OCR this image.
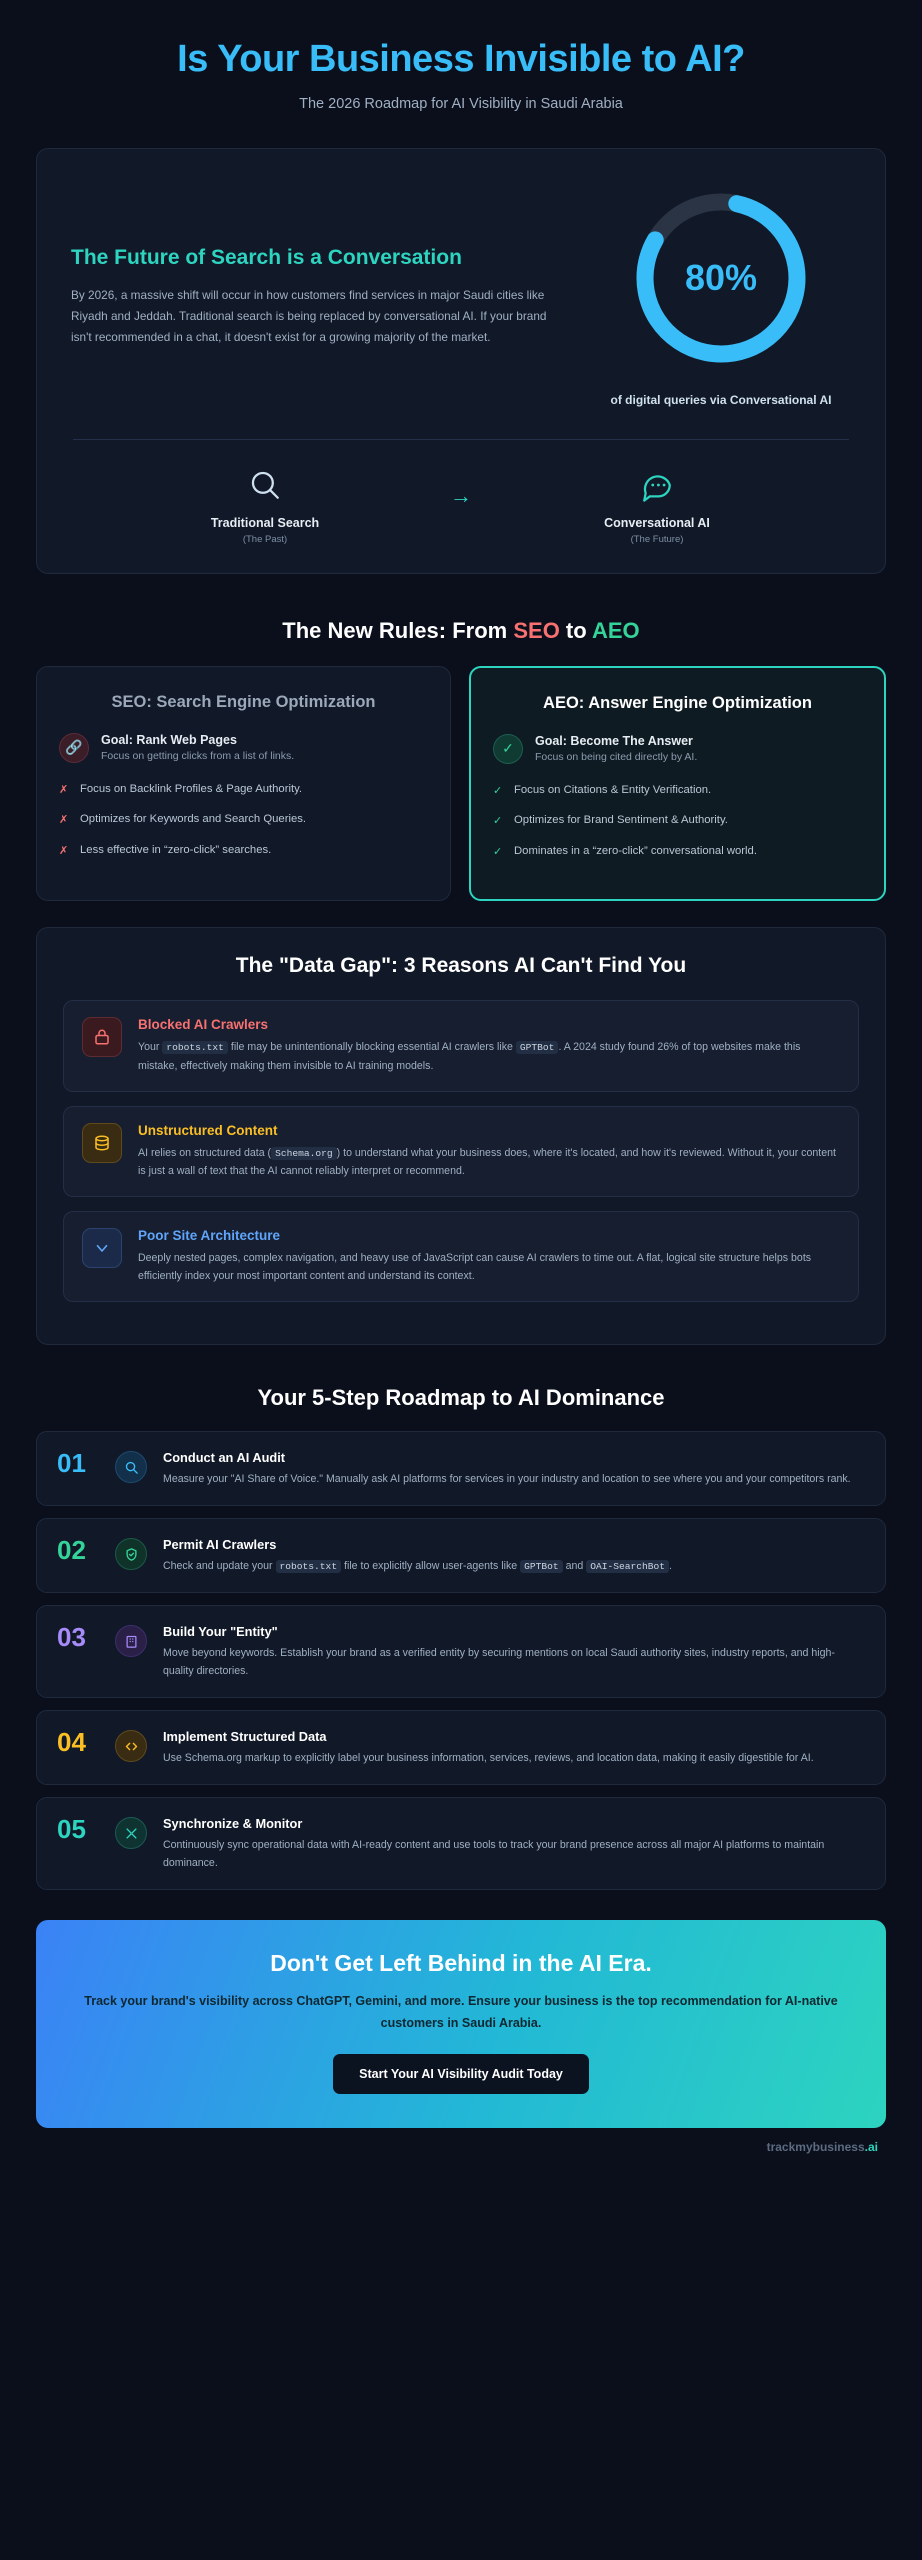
Is Your Business Invisible to AI?
The 2026 Roadmap for AI Visibility in Saudi Arabia
The Future of Search is a Conversation

By 2026, a massive shift will occur in how customers find services in major Saudi cities like Riyadh and Jeddah. Traditional search is being replaced by conversational AI. If your brand isn't recommended in a chat, it doesn't exist for a growing majority of the market.

80%
of digital queries via Conversational AI
Traditional Search
(The Past)
→
Conversational AI
(The Future)
The New Rules: From SEO to AEO
SEO: Search Engine Optimization
🔗	Goal: Rank Web Pages
Focus on getting clicks from a list of links.
✗ Focus on Backlink Profiles & Page Authority.
✗ Optimizes for Keywords and Search Queries.
✗ Less effective in “zero-click” searches.
AEO: Answer Engine Optimization
✓	Goal: Become The Answer
Focus on being cited directly by AI.
✓ Focus on Citations & Entity Verification.
✓ Optimizes for Brand Sentiment & Authority.
✓ Dominates in a “zero-click” conversational world.
The "Data Gap": 3 Reasons AI Can't Find You
Blocked AI Crawlers
Your robots.txt file may be unintentionally blocking essential AI crawlers like GPTBot . A 2024 study found 26% of top websites make this mistake, effectively making them invisible to AI training models.
Unstructured Content
AI relies on structured data ( Schema.org ) to understand what your business does, where it's located, and how it's reviewed. Without it, your content is just a wall of text that the AI cannot reliably interpret or recommend.
Poor Site Architecture
Deeply nested pages, complex navigation, and heavy use of JavaScript can cause AI crawlers to time out. A flat, logical site structure helps bots efficiently index your most important content and understand its context.
Your 5-Step Roadmap to AI Dominance
01	Conduct an AI Audit
Measure your "AI Share of Voice." Manually ask AI platforms for services in your industry and location to see where you and your competitors rank.
02	Permit AI Crawlers
Check and update your robots.txt file to explicitly allow user-agents like GPTBot and OAI-SearchBot .
03	Build Your "Entity"
Move beyond keywords. Establish your brand as a verified entity by securing mentions on local Saudi authority sites, industry reports, and high-quality directories.
04	Implement Structured Data
Use Schema.org markup to explicitly label your business information, services, reviews, and location data, making it easily digestible for AI.
05	Synchronize & Monitor
Continuously sync operational data with AI-ready content and use tools to track your brand presence across all major AI platforms to maintain dominance.
Don't Get Left Behind in the AI Era.

Track your brand's visibility across ChatGPT, Gemini, and more. Ensure your business is the top recommendation for AI-native customers in Saudi Arabia.

Start Your AI Visibility Audit Today
trackmybusiness.ai
